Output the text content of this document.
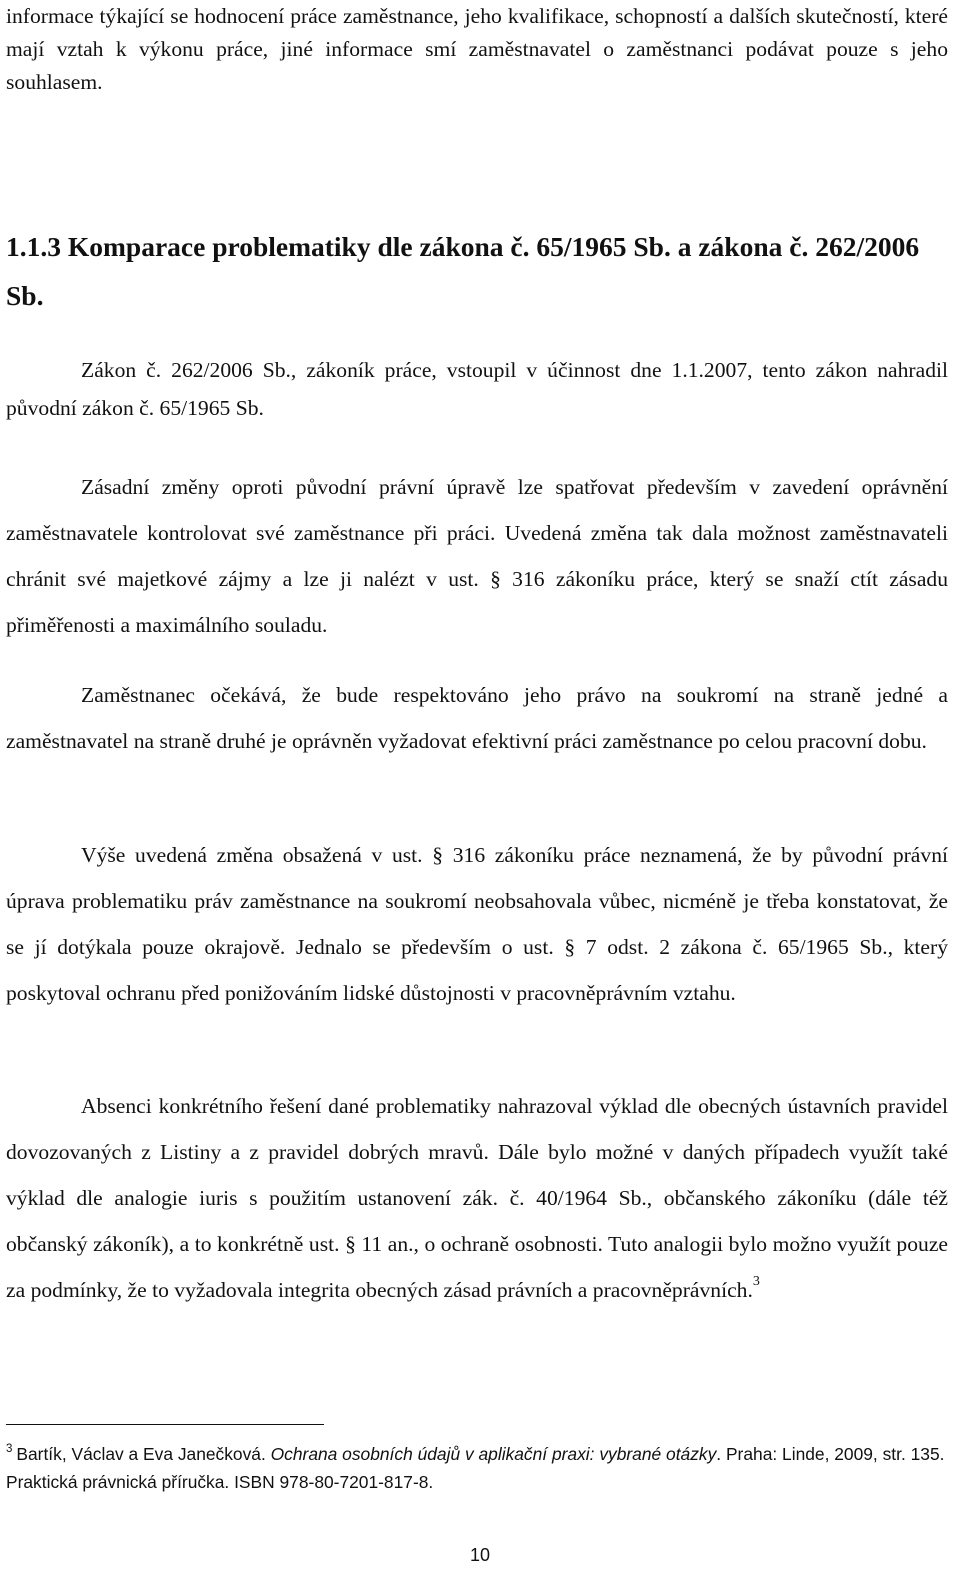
informace týkající se hodnocení práce zaměstnance, jeho kvalifikace, schopností a dalších skutečností, které mají vztah k výkonu práce, jiné informace smí zaměstnavatel o zaměstnanci podávat pouze s jeho souhlasem.

1.1.3 Komparace problematiky dle zákona č. 65/1965 Sb. a zákona č. 262/2006 Sb.

Zákon č. 262/2006 Sb., zákoník práce, vstoupil v účinnost dne 1.1.2007, tento zákon nahradil původní zákon č. 65/1965 Sb.

Zásadní změny oproti původní právní úpravě lze spatřovat především v zavedení oprávnění zaměstnavatele kontrolovat své zaměstnance při práci. Uvedená změna tak dala možnost zaměstnavateli chránit své majetkové zájmy a lze ji nalézt v ust. § 316 zákoníku práce, který se snaží ctít zásadu přiměřenosti a maximálního souladu.

Zaměstnanec očekává, že bude respektováno jeho právo na soukromí na straně jedné a zaměstnavatel na straně druhé je oprávněn vyžadovat efektivní práci zaměstnance po celou pracovní dobu.

Výše uvedená změna obsažená v ust. § 316 zákoníku práce neznamená, že by původní právní úprava problematiku práv zaměstnance na soukromí neobsahovala vůbec, nicméně je třeba konstatovat, že se jí dotýkala pouze okrajově. Jednalo se především o ust. § 7 odst. 2 zákona č. 65/1965 Sb., který poskytoval ochranu před ponižováním lidské důstojnosti v pracovněprávním vztahu.

Absenci konkrétního řešení dané problematiky nahrazoval výklad dle obecných ústavních pravidel dovozovaných z Listiny a z pravidel dobrých mravů. Dále bylo možné v daných případech využít také výklad dle analogie iuris s použitím ustanovení zák. č. 40/1964 Sb., občanského zákoníku (dále též občanský zákoník), a to konkrétně ust. § 11 an., o ochraně osobnosti. Tuto analogii bylo možno využít pouze za podmínky, že to vyžadovala integrita obecných zásad právních a pracovněprávních.$^3$

$^3$ Bartík, Václav a Eva Janečková. Ochrana osobních údajů v aplikační praxi: vybrané otázky. Praha: Linde, 2009, str. 135. Praktická právnická příručka. ISBN 978-80-7201-817-8.

10
